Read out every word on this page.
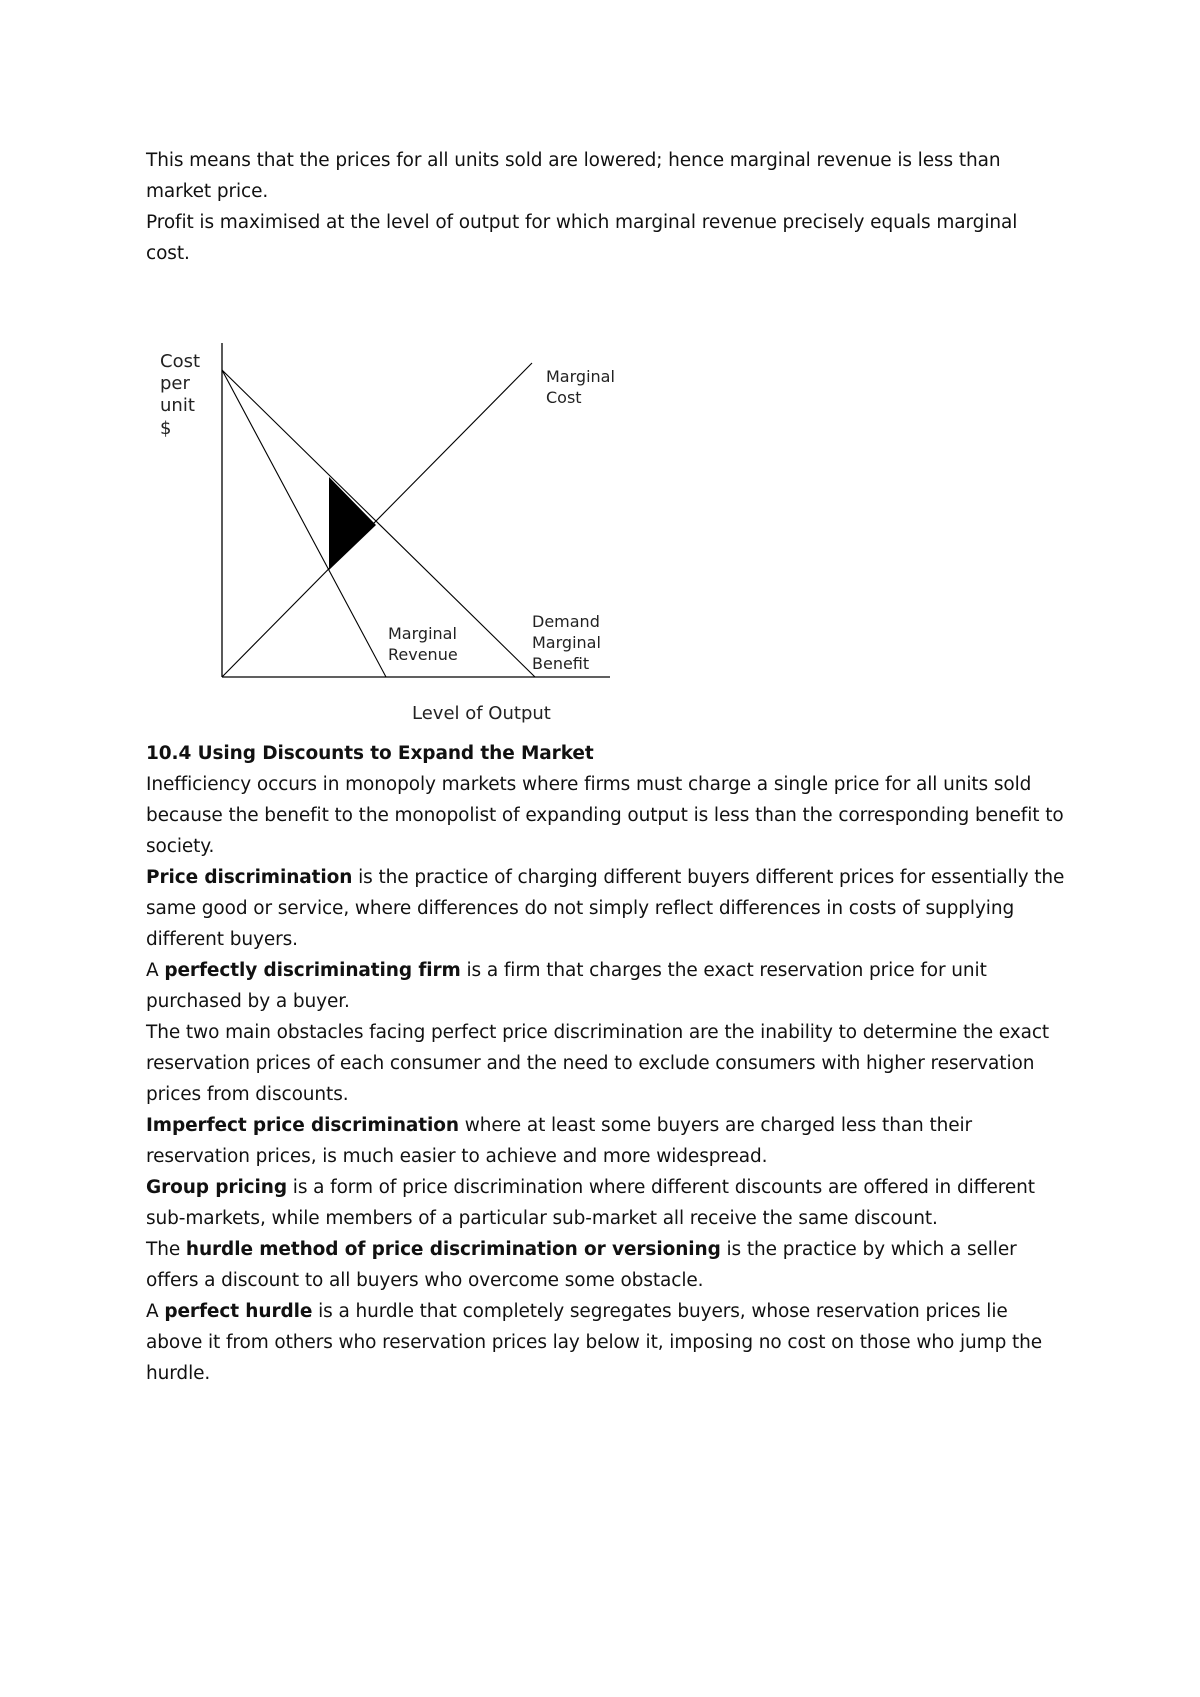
This means that the prices for all units sold are lowered; hence marginal revenue is less than market price.

Profit is maximised at the level of output for which marginal revenue precisely equals marginal cost.

Cost per unit $
Marginal Cost
Marginal Revenue
Demand Marginal Benefit
Level of Output

10.4 Using Discounts to Expand the Market

Inefficiency occurs in monopoly markets where firms must charge a single price for all units sold because the benefit to the monopolist of expanding output is less than the corresponding benefit to society.

Price discrimination is the practice of charging different buyers different prices for essentially the same good or service, where differences do not simply reflect differences in costs of supplying different buyers.

A perfectly discriminating firm is a firm that charges the exact reservation price for unit purchased by a buyer.

The two main obstacles facing perfect price discrimination are the inability to determine the exact reservation prices of each consumer and the need to exclude consumers with higher reservation prices from discounts.

Imperfect price discrimination where at least some buyers are charged less than their reservation prices, is much easier to achieve and more widespread.

Group pricing is a form of price discrimination where different discounts are offered in different sub-markets, while members of a particular sub-market all receive the same discount.

The hurdle method of price discrimination or versioning is the practice by which a seller offers a discount to all buyers who overcome some obstacle.

A perfect hurdle is a hurdle that completely segregates buyers, whose reservation prices lie above it from others who reservation prices lay below it, imposing no cost on those who jump the hurdle.
